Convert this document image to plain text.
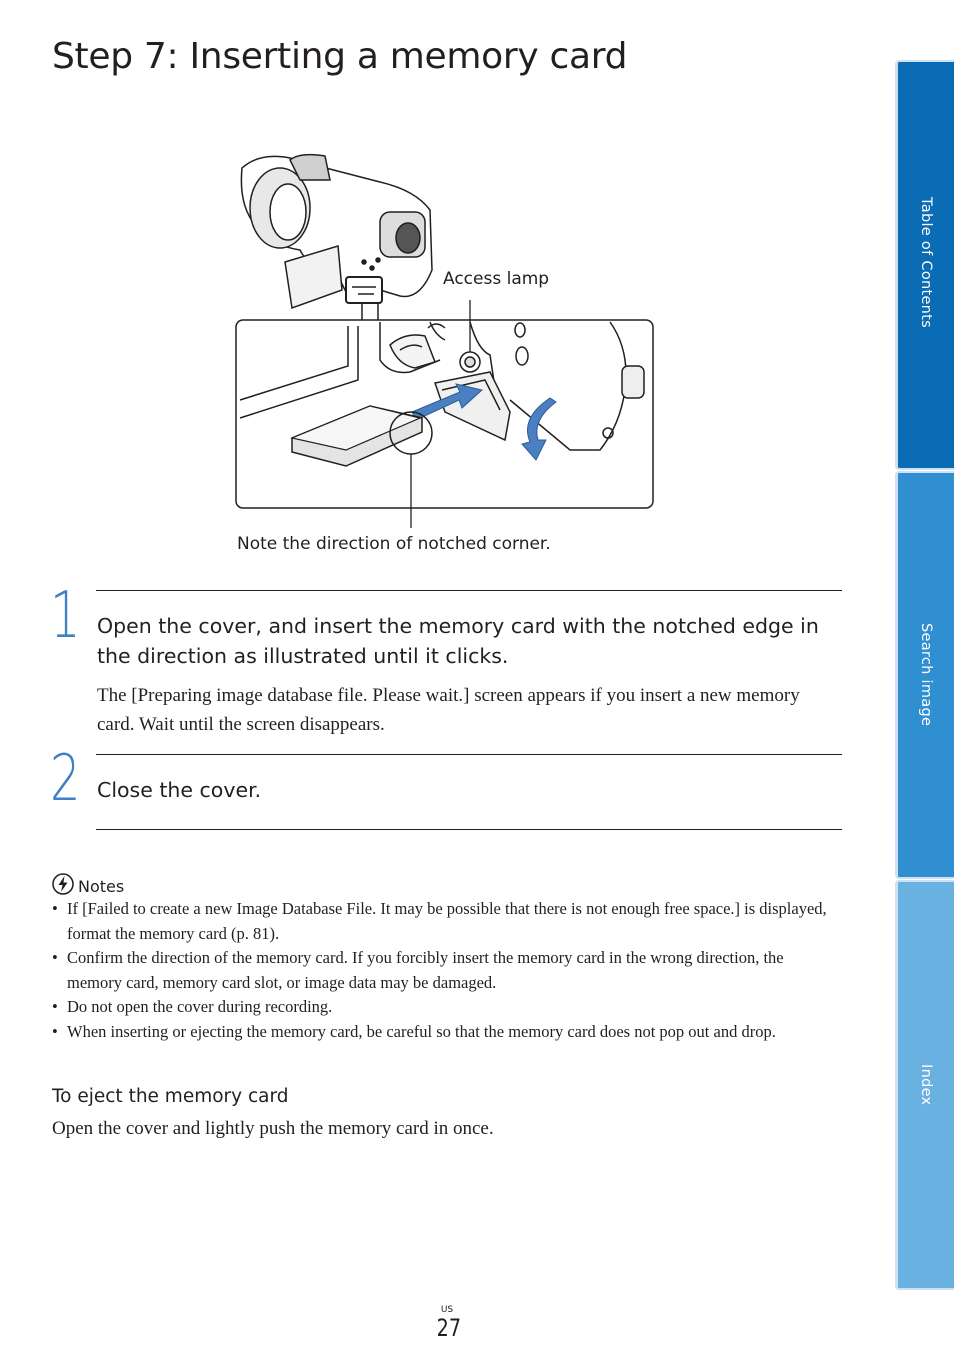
Step 7: Inserting a memory card
Access lamp
Note the direction of notched corner.
1 Open the cover, and insert the memory card with the notched edge in the direction as illustrated until it clicks.
The [Preparing image database file. Please wait.] screen appears if you insert a new memory card. Wait until the screen disappears.
2 Close the cover.
Notes
• If [Failed to create a new Image Database File. It may be possible that there is not enough free space.] is displayed, format the memory card (p. 81).
• Confirm the direction of the memory card. If you forcibly insert the memory card in the wrong direction, the memory card, memory card slot, or image data may be damaged.
• Do not open the cover during recording.
• When inserting or ejecting the memory card, be careful so that the memory card does not pop out and drop.
To eject the memory card
Open the cover and lightly push the memory card in once.
Table of Contents
Search image
Index
US
27
